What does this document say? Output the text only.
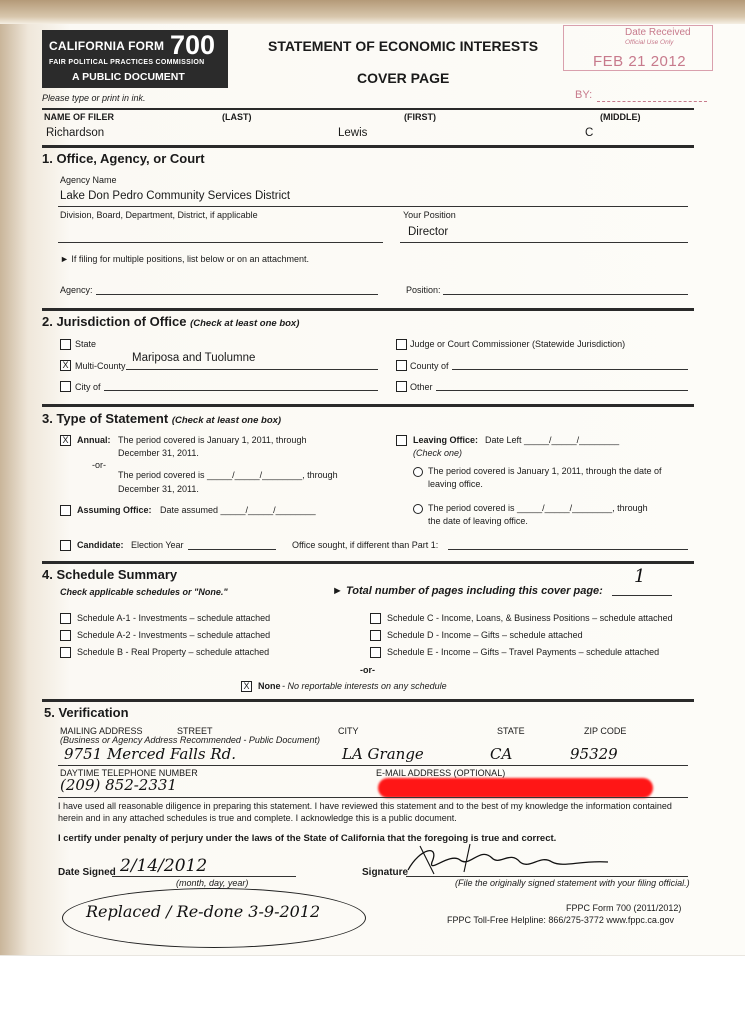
CALIFORNIA FORM 700
FAIR POLITICAL PRACTICES COMMISSION
A PUBLIC DOCUMENT
STATEMENT OF ECONOMIC INTERESTS
COVER PAGE
Please type or print in ink.
Date Received
Official Use Only
FEB 21 2012
BY:
NAME OF FILER	(LAST)	(FIRST)	(MIDDLE)
Richardson	Lewis	C
1. Office, Agency, or Court
Agency Name
Lake Don Pedro Community Services District
Division, Board, Department, District, if applicable	Your Position
Director
► If filing for multiple positions, list below or on an attachment.
Agency:	Position:
2. Jurisdiction of Office (Check at least one box)
State	Judge or Court Commissioner (Statewide Jurisdiction)
X Multi-County
Mariposa and Tuolumne
County of
City of	Other
3. Type of Statement (Check at least one box)
X Annual: The period covered is January 1, 2011, through
December 31, 2011.
-or-
The period covered is _____/_____/________, through
December 31, 2011.
Leaving Office: Date Left _____/_____/________
(Check one)
The period covered is January 1, 2011, through the date of
leaving office.
The period covered is _____/_____/________, through
the date of leaving office.
Assuming Office: Date assumed _____/_____/________
Candidate: Election Year	Office sought, if different than Part 1:
4. Schedule Summary
Check applicable schedules or "None."	► Total number of pages including this cover page:
1
Schedule A-1 - Investments – schedule attached
Schedule A-2 - Investments – schedule attached
Schedule B - Real Property – schedule attached
Schedule C - Income, Loans, & Business Positions – schedule attached
Schedule D - Income – Gifts – schedule attached
Schedule E - Income – Gifts – Travel Payments – schedule attached
-or-
X None - No reportable interests on any schedule
5. Verification
MAILING ADDRESS	STREET	CITY	STATE	ZIP CODE
(Business or Agency Address Recommended - Public Document)
9751 Merced Falls Rd.	LA Grange	CA	95329
DAYTIME TELEPHONE NUMBER	E-MAIL ADDRESS (OPTIONAL)
(209) 852-2331
I have used all reasonable diligence in preparing this statement. I have reviewed this statement and to the best of my knowledge the information contained herein and in any attached schedules is true and complete. I acknowledge this is a public document.
I certify under penalty of perjury under the laws of the State of California that the foregoing is true and correct.
Date Signed 2/14/2012
(month, day, year)
Signature
(File the originally signed statement with your filing official.)
Replaced / Re-done 3-9-2012	FPPC Form 700 (2011/2012)
FPPC Toll-Free Helpline: 866/275-3772 www.fppc.ca.gov
